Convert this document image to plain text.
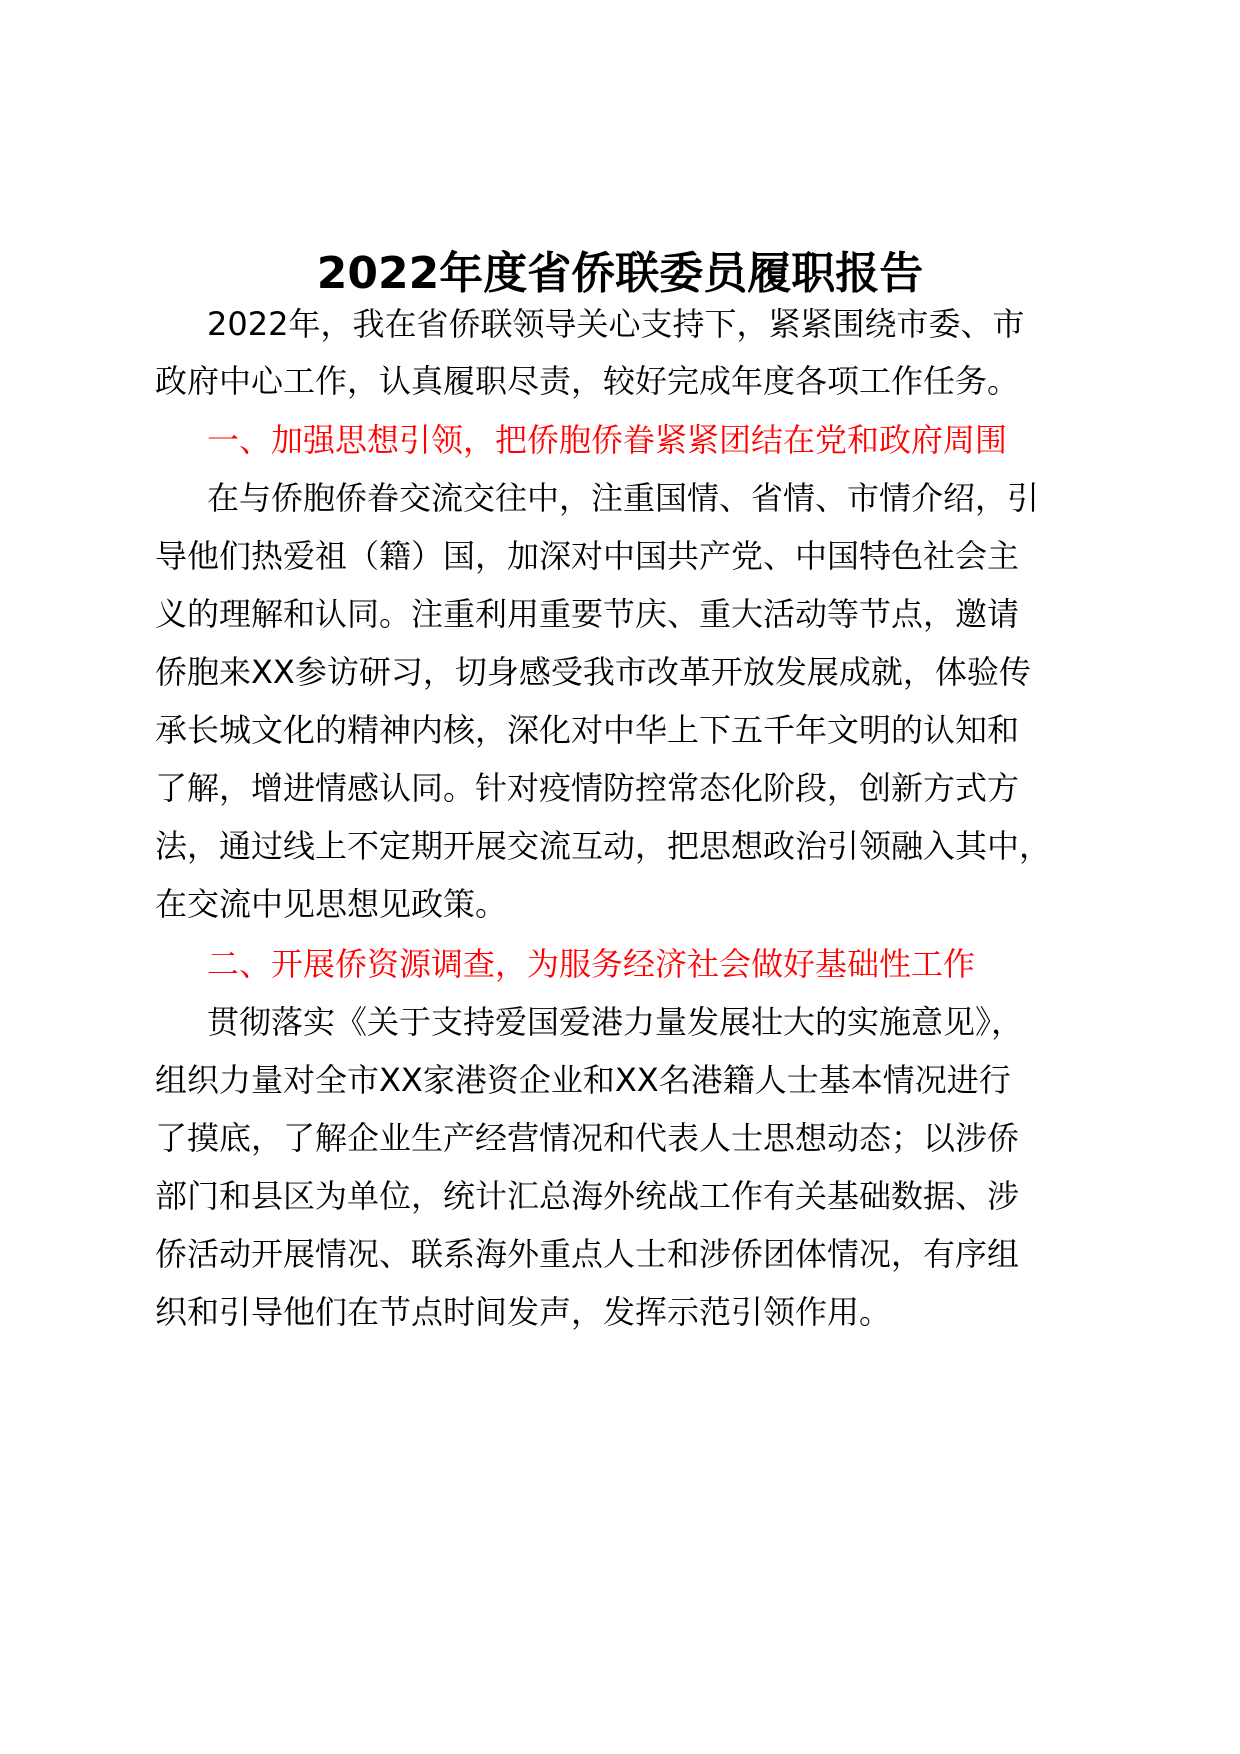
2022年度省侨联委员履职报告
2022年，我在省侨联领导关心支持下，紧紧围绕市委、市
政府中心工作，认真履职尽责，较好完成年度各项工作任务。
一、加强思想引领，把侨胞侨眷紧紧团结在党和政府周围
在与侨胞侨眷交流交往中，注重国情、省情、市情介绍，引
导他们热爱祖（籍）国，加深对中国共产党、中国特色社会主
义的理解和认同。注重利用重要节庆、重大活动等节点，邀请
侨胞来XX参访研习，切身感受我市改革开放发展成就，体验传
承长城文化的精神内核，深化对中华上下五千年文明的认知和
了解，增进情感认同。针对疫情防控常态化阶段，创新方式方
法，通过线上不定期开展交流互动，把思想政治引领融入其中，
在交流中见思想见政策。
二、开展侨资源调查，为服务经济社会做好基础性工作
贯彻落实《关于支持爱国爱港力量发展壮大的实施意见》，
组织力量对全市XX家港资企业和XX名港籍人士基本情况进行
了摸底，了解企业生产经营情况和代表人士思想动态；以涉侨
部门和县区为单位，统计汇总海外统战工作有关基础数据、涉
侨活动开展情况、联系海外重点人士和涉侨团体情况，有序组
织和引导他们在节点时间发声，发挥示范引领作用。
